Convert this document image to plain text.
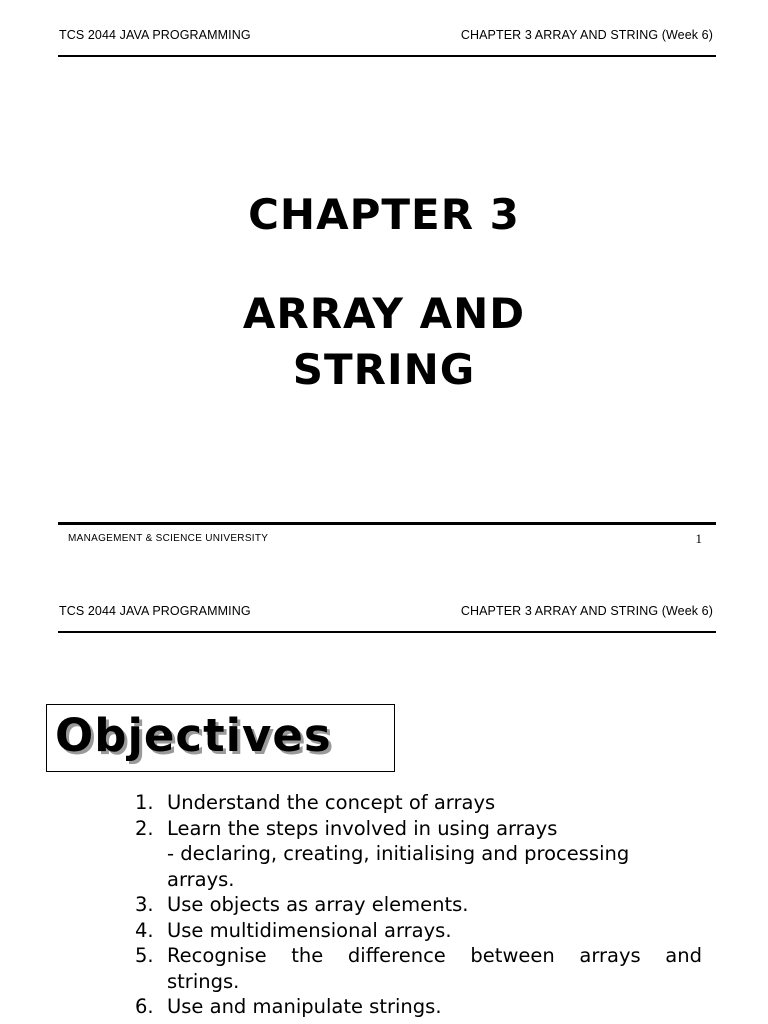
TCS 2044 JAVA PROGRAMMING	CHAPTER 3 ARRAY AND STRING (Week 6)
CHAPTER 3
ARRAY AND
STRING
MANAGEMENT & SCIENCE UNIVERSITY	1
TCS 2044 JAVA PROGRAMMING	CHAPTER 3 ARRAY AND STRING (Week 6)
Objectives
1. Understand the concept of arrays
2. Learn the steps involved in using arrays
- declaring, creating, initialising and processing
arrays.
3. Use objects as array elements.
4. Use multidimensional arrays.
5. Recognise the difference between arrays and
strings.
6. Use and manipulate strings.
